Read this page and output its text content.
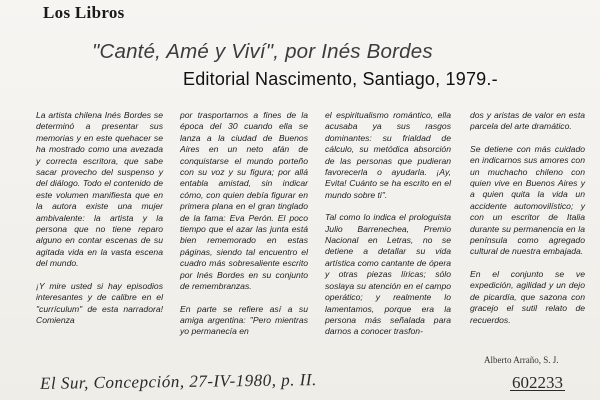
Los Libros
"Canté, Amé y Viví", por Inés Bordes
Editorial Nascimento, Santiago, 1979.-

La artista chilena Inés Bordes se determinó a presentar sus memorias y en este quehacer se ha mostrado como una avezada y correcta escritora, que sabe sacar provecho del suspenso y del diálogo. Todo el contenido de este volumen manifiesta que en la autora existe una mujer ambivalente: la artista y la persona que no tiene reparo alguno en contar escenas de su agitada vida en la vasta escena del mundo.

¡Y mire usted si hay episodios interesantes y de calibre en el "currículum" de esta narradora! Comienza

por trasportarnos a fines de la época del 30 cuando ella se lanza a la ciudad de Buenos Aires en un neto afán de conquistarse el mundo porteño con su voz y su figura; por allá entabla amistad, sin indicar cómo, con quien debía figurar en primera plana en el gran tinglado de la fama: Eva Perón. El poco tiempo que el azar las junta está bien rememorado en estas páginas, siendo tal encuentro el cuadro más sobresaliente escrito por Inés Bordes en su conjunto de remembranzas.

En parte se refiere así a su amiga argentina: "Pero mientras yo permanecía en

el espiritualismo romántico, ella acusaba ya sus rasgos dominantes: su frialdad de cálculo, su metódica absorción de las personas que pudieran favorecerla o ayudarla. ¡Ay, Evita! Cuánto se ha escrito en el mundo sobre ti".

Tal como lo indica el prologuista Julio Barrenechea, Premio Nacional en Letras, no se detiene a detallar su vida artística como cantante de ópera y otras piezas líricas; sólo soslaya su atención en el campo operático; y realmente lo lamentamos, porque era la persona más señalada para darnos a conocer trasfon-

dos y aristas de valor en esta parcela del arte dramático.

Se detiene con más cuidado en indicarnos sus amores con un muchacho chileno con quien vive en Buenos Aires y a quien quita la vida un accidente automovilístico; y con un escritor de Italia durante su permanencia en la península como agregado cultural de nuestra embajada.

En el conjunto se ve expedición, agilidad y un dejo de picardía, que sazona con gracejo el sutil relato de recuerdos.

Alberto Arraño, S. J.
El Sur, Concepción, 27-IV-1980, p. II.	602233
